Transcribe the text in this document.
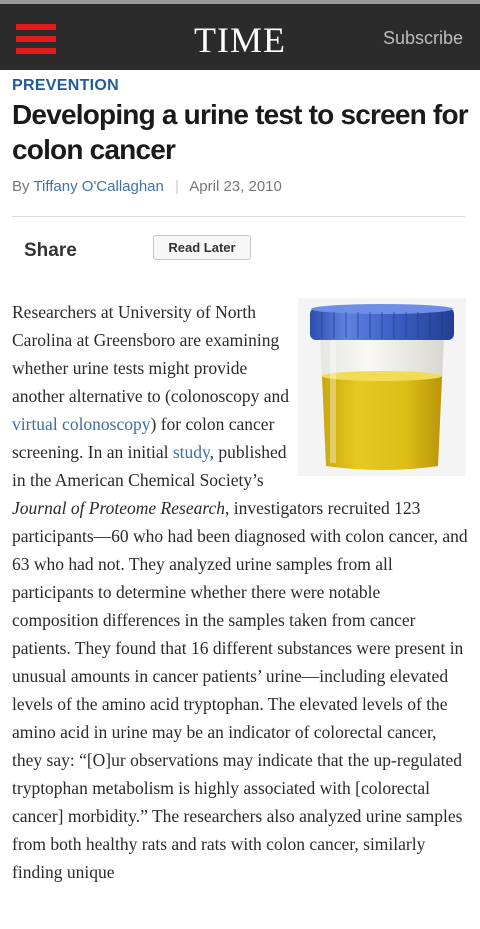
TIME	Subscribe
PREVENTION
Developing a urine test to screen for colon cancer
By Tiffany O'Callaghan | April 23, 2010
Share	Read Later

Researchers at University of North Carolina at Greensboro are examining whether urine tests might provide another alternative to (colonoscopy and virtual colonoscopy) for colon cancer screening. In an initial study, published in the American Chemical Society’s Journal of Proteome Research, investigators recruited 123 participants—60 who had been diagnosed with colon cancer, and 63 who had not. They analyzed urine samples from all participants to determine whether there were notable composition differences in the samples taken from cancer patients. They found that 16 different substances were present in unusual amounts in cancer patients’ urine—including elevated levels of the amino acid tryptophan. The elevated levels of the amino acid in urine may be an indicator of colorectal cancer, they say: “[O]ur observations may indicate that the up-regulated tryptophan metabolism is highly associated with [colorectal cancer] morbidity.” The researchers also analyzed urine samples from both healthy rats and rats with colon cancer, similarly finding unique
